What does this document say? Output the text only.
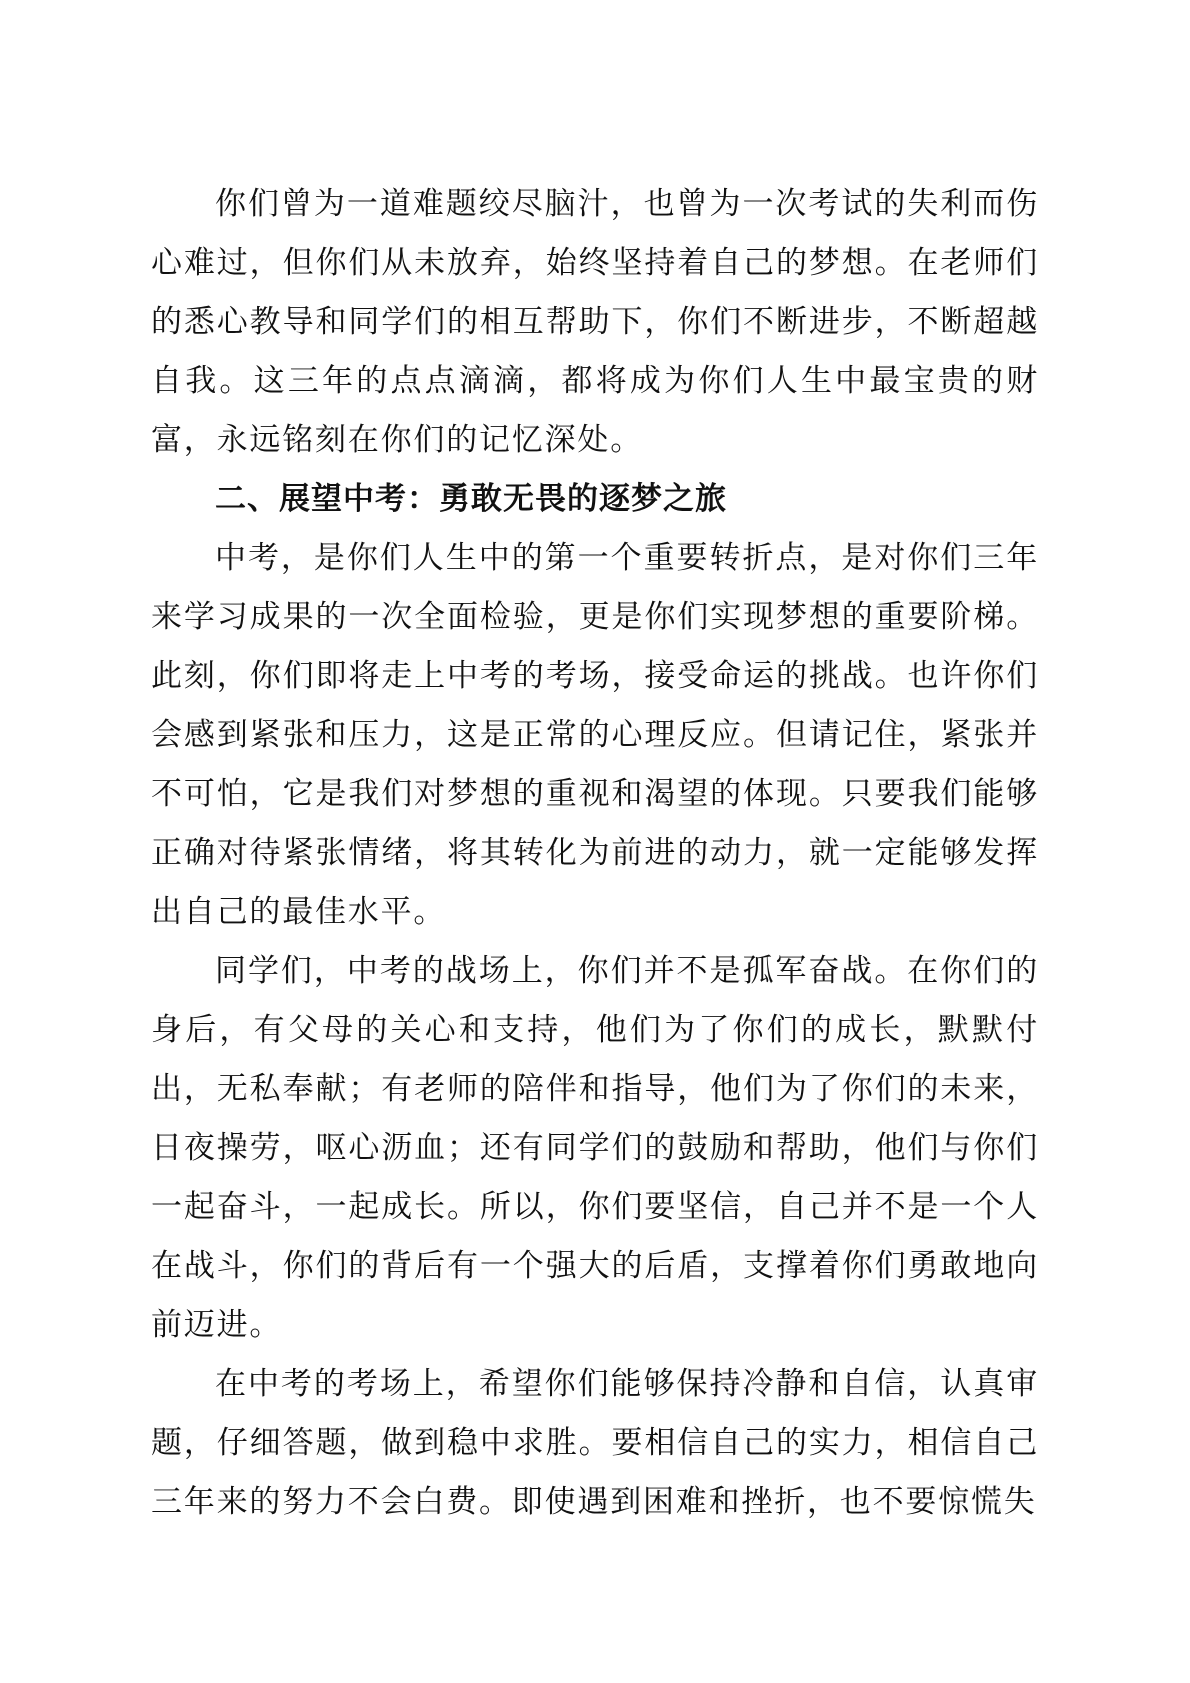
你们曾为一道难题绞尽脑汁，也曾为一次考试的失利而伤心难过，但你们从未放弃，始终坚持着自己的梦想。在老师们的悉心教导和同学们的相互帮助下，你们不断进步，不断超越自我。这三年的点点滴滴，都将成为你们人生中最宝贵的财富，永远铭刻在你们的记忆深处。

二、展望中考：勇敢无畏的逐梦之旅

中考，是你们人生中的第一个重要转折点，是对你们三年来学习成果的一次全面检验，更是你们实现梦想的重要阶梯。此刻，你们即将走上中考的考场，接受命运的挑战。也许你们会感到紧张和压力，这是正常的心理反应。但请记住，紧张并不可怕，它是我们对梦想的重视和渴望的体现。只要我们能够正确对待紧张情绪，将其转化为前进的动力，就一定能够发挥出自己的最佳水平。

同学们，中考的战场上，你们并不是孤军奋战。在你们的身后，有父母的关心和支持，他们为了你们的成长，默默付出，无私奉献；有老师的陪伴和指导，他们为了你们的未来，日夜操劳，呕心沥血；还有同学们的鼓励和帮助，他们与你们一起奋斗，一起成长。所以，你们要坚信，自己并不是一个人在战斗，你们的背后有一个强大的后盾，支撑着你们勇敢地向前迈进。

在中考的考场上，希望你们能够保持冷静和自信，认真审题，仔细答题，做到稳中求胜。要相信自己的实力，相信自己三年来的努力不会白费。即使遇到困难和挫折，也不要惊慌失
